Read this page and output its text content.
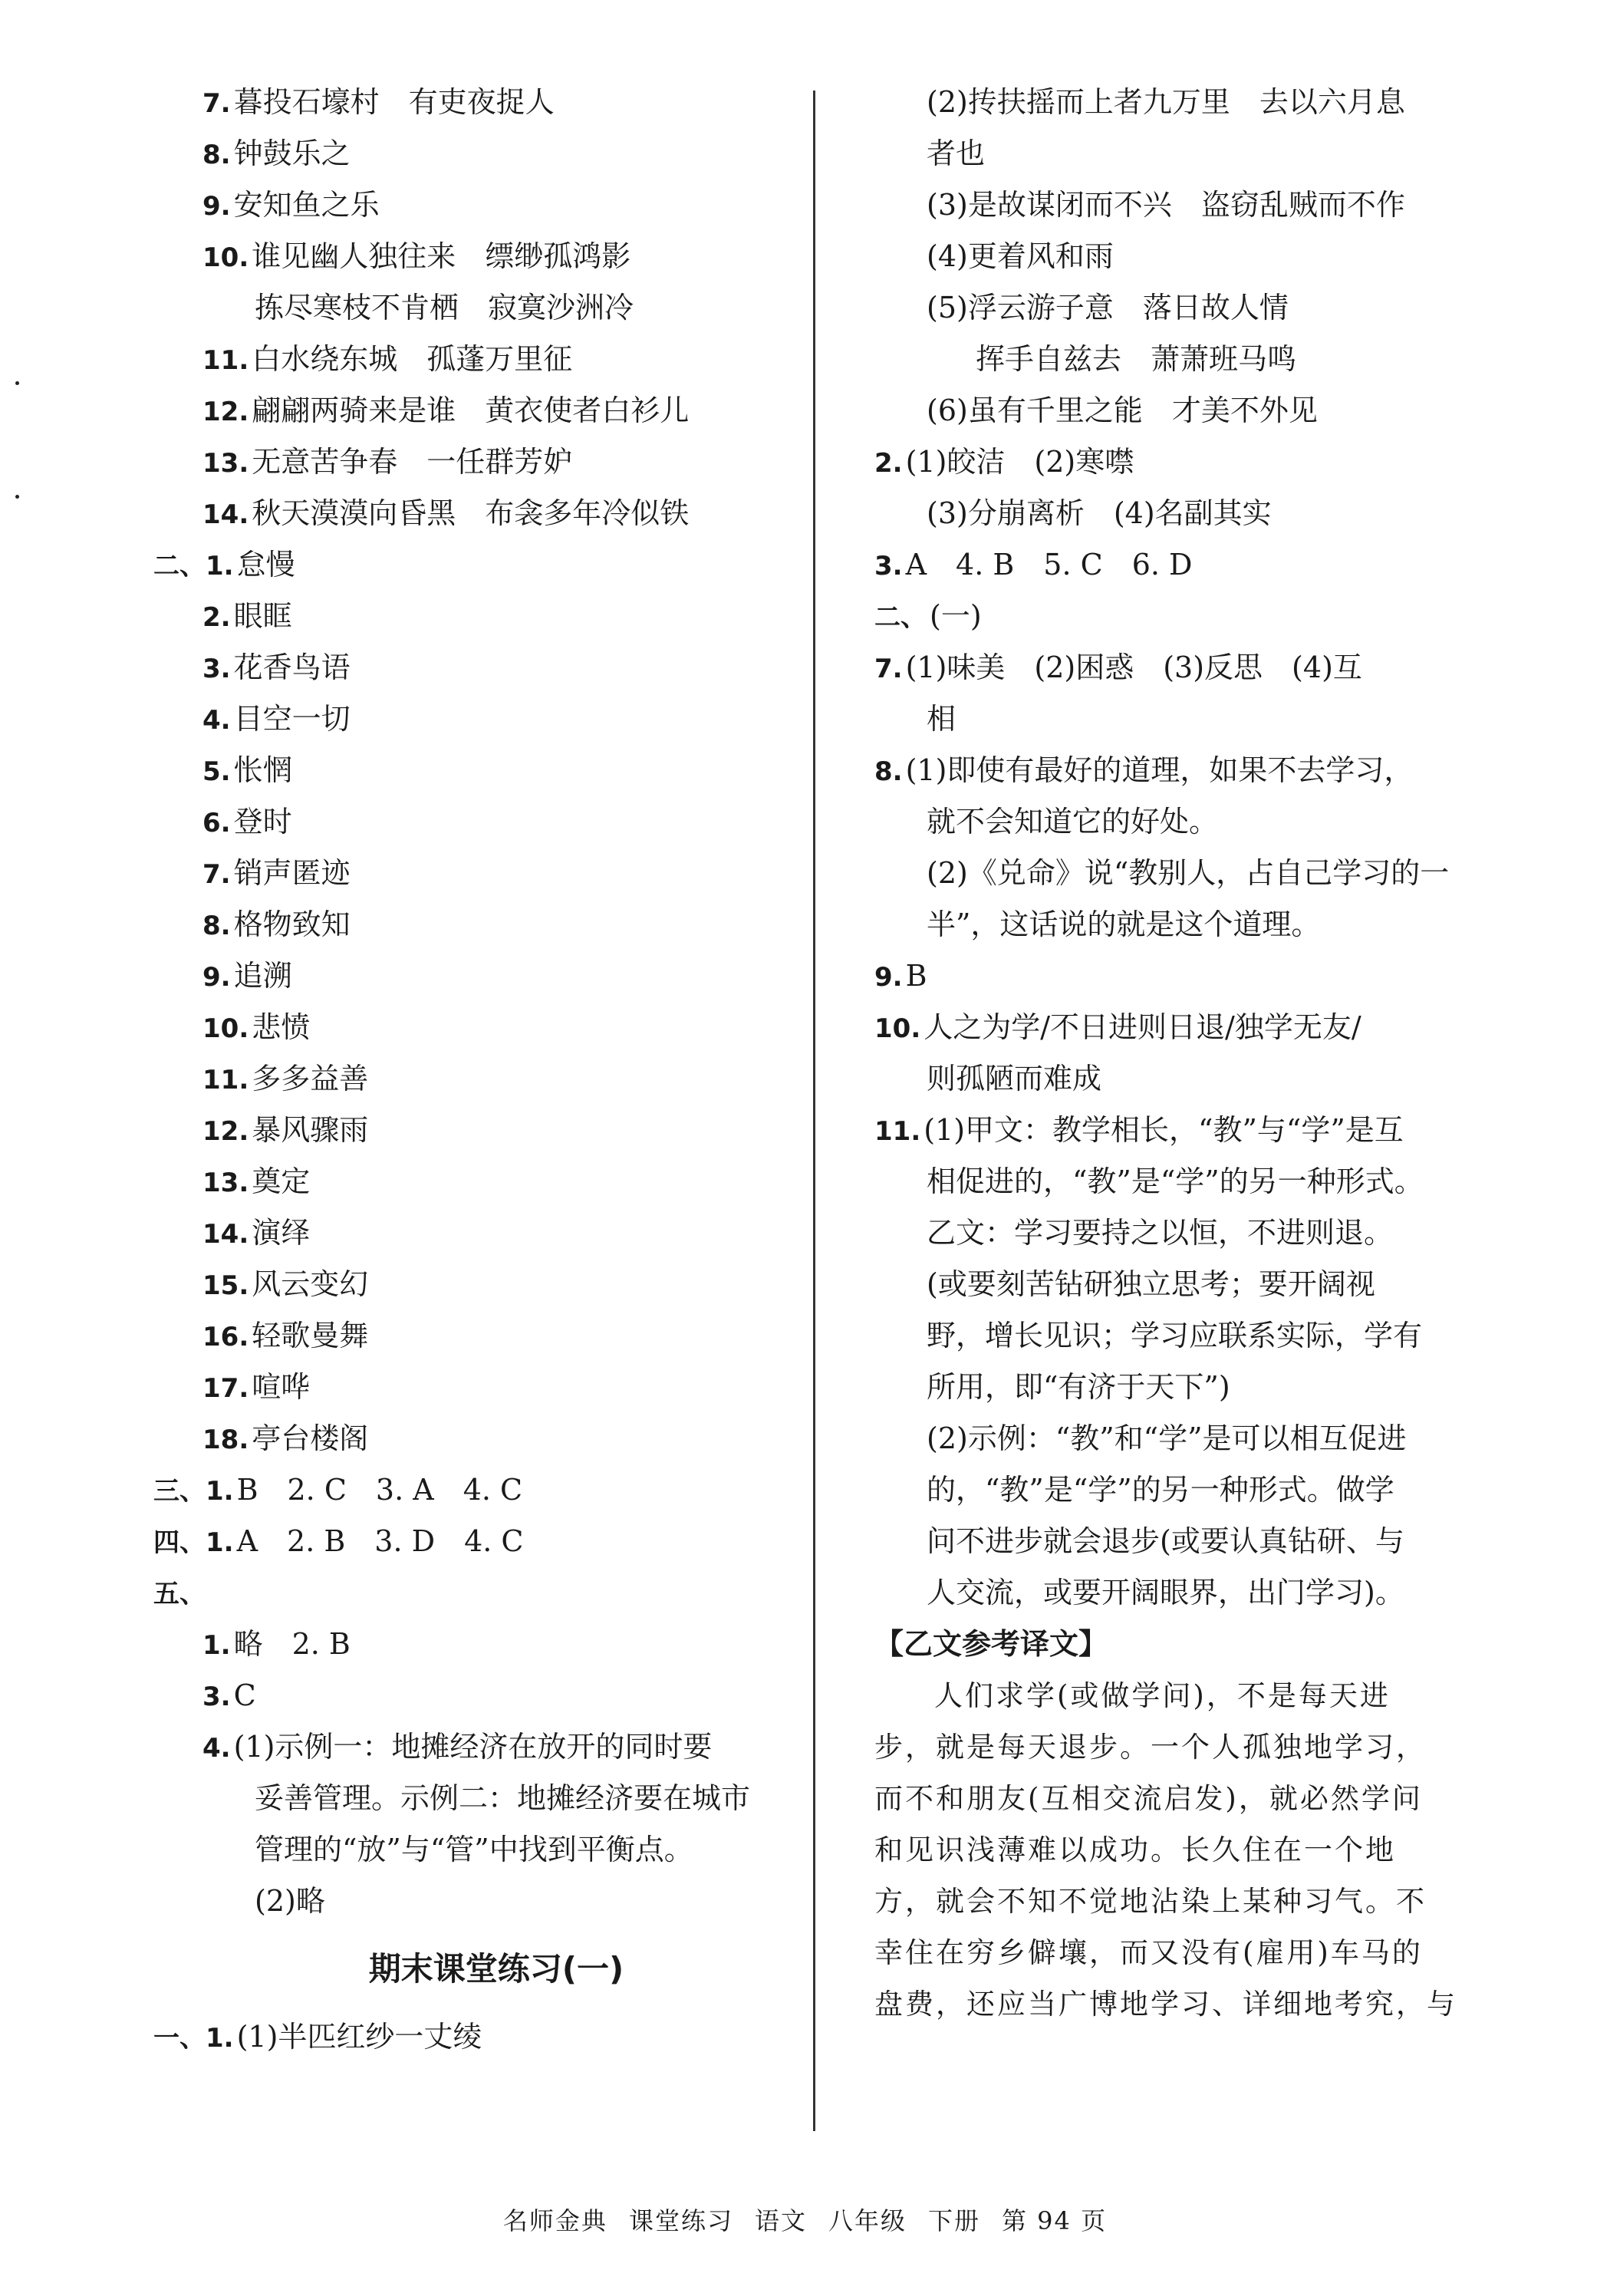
7. 暮投石壕村　有吏夜捉人
8. 钟鼓乐之
9. 安知鱼之乐
10. 谁见幽人独往来　缥缈孤鸿影
拣尽寒枝不肯栖　寂寞沙洲冷
11. 白水绕东城　孤蓬万里征
12. 翩翩两骑来是谁　黄衣使者白衫儿
13. 无意苦争春　一任群芳妒
14. 秋天漠漠向昏黑　布衾多年冷似铁
二、1. 怠慢
2. 眼眶
3. 花香鸟语
4. 目空一切
5. 怅惘
6. 登时
7. 销声匿迹
8. 格物致知
9. 追溯
10. 悲愤
11. 多多益善
12. 暴风骤雨
13. 奠定
14. 演绎
15. 风云变幻
16. 轻歌曼舞
17. 喧哗
18. 亭台楼阁
三、1. B　2. C　3. A　4. C
四、1. A　2. B　3. D　4. C
五、
1. 略　2. B
3. C
4. (1)示例一：地摊经济在放开的同时要
妥善管理。示例二：地摊经济要在城市
管理的“放”与“管”中找到平衡点。
(2)略
期末课堂练习(一)
一、1. (1)半匹红纱一丈绫
(2)抟扶摇而上者九万里　去以六月息
者也
(3)是故谋闭而不兴　盗窃乱贼而不作
(4)更着风和雨
(5)浮云游子意　落日故人情
挥手自兹去　萧萧班马鸣
(6)虽有千里之能　才美不外见
2. (1)皎洁　(2)寒噤
(3)分崩离析　(4)名副其实
3. A　4. B　5. C　6. D
二、 (一)
7. (1)味美　(2)困惑　(3)反思　(4)互
相
8. (1)即使有最好的道理，如果不去学习，
就不会知道它的好处。
(2)《兑命》说“教别人，占自己学习的一
半”，这话说的就是这个道理。
9. B
10. 人之为学/不日进则日退/独学无友/
则孤陋而难成
11. (1)甲文：教学相长，“教”与“学”是互
相促进的，“教”是“学”的另一种形式。
乙文：学习要持之以恒，不进则退。
(或要刻苦钻研独立思考；要开阔视
野，增长见识；学习应联系实际，学有
所用，即“有济于天下”)
(2)示例：“教”和“学”是可以相互促进
的，“教”是“学”的另一种形式。做学
问不进步就会退步(或要认真钻研、与
人交流，或要开阔眼界，出门学习)。
【乙文参考译文】
人们求学(或做学问)，不是每天进
步，就是每天退步。一个人孤独地学习，
而不和朋友(互相交流启发)，就必然学问
和见识浅薄难以成功。长久住在一个地
方，就会不知不觉地沾染上某种习气。不
幸住在穷乡僻壤，而又没有(雇用)车马的
盘费，还应当广博地学习、详细地考究，与
名师金典 课堂练习 语文 八年级 下册 第 94 页
